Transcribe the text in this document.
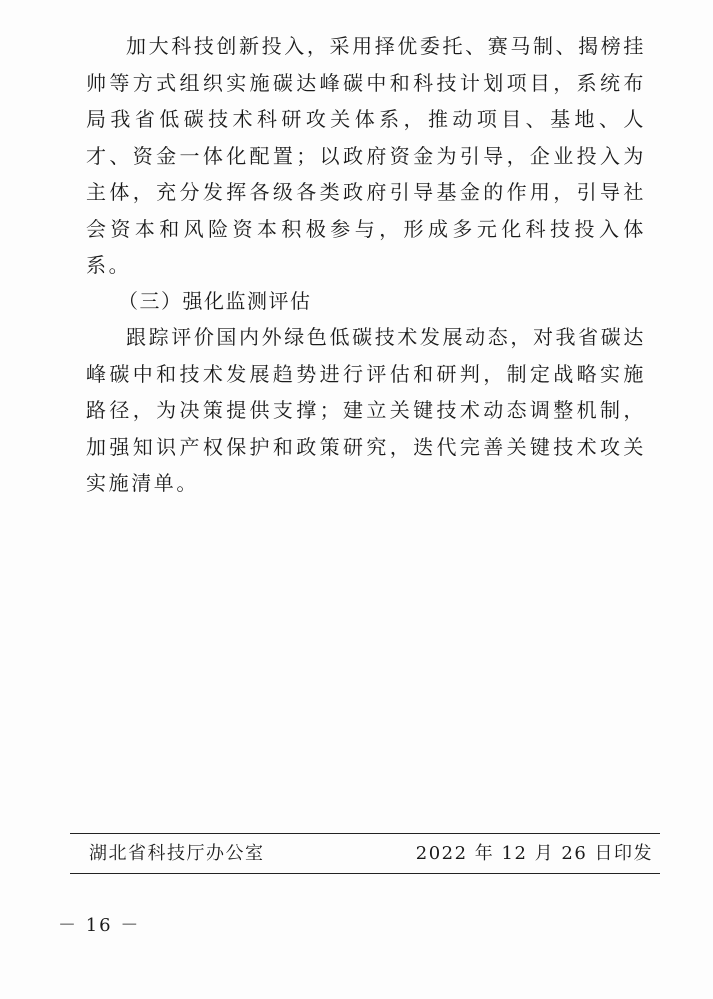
加大科技创新投入，采用择优委托、赛马制、揭榜挂帅等方式组织实施碳达峰碳中和科技计划项目，系统布局我省低碳技术科研攻关体系，推动项目、基地、人才、资金一体化配置；以政府资金为引导，企业投入为主体，充分发挥各级各类政府引导基金的作用，引导社会资本和风险资本积极参与，形成多元化科技投入体系。

（三）强化监测评估

跟踪评价国内外绿色低碳技术发展动态，对我省碳达峰碳中和技术发展趋势进行评估和研判，制定战略实施路径，为决策提供支撑；建立关键技术动态调整机制，加强知识产权保护和政策研究，迭代完善关键技术攻关实施清单。

湖北省科技厅办公室	2022 年 12 月 26 日印发
－ 16 －
